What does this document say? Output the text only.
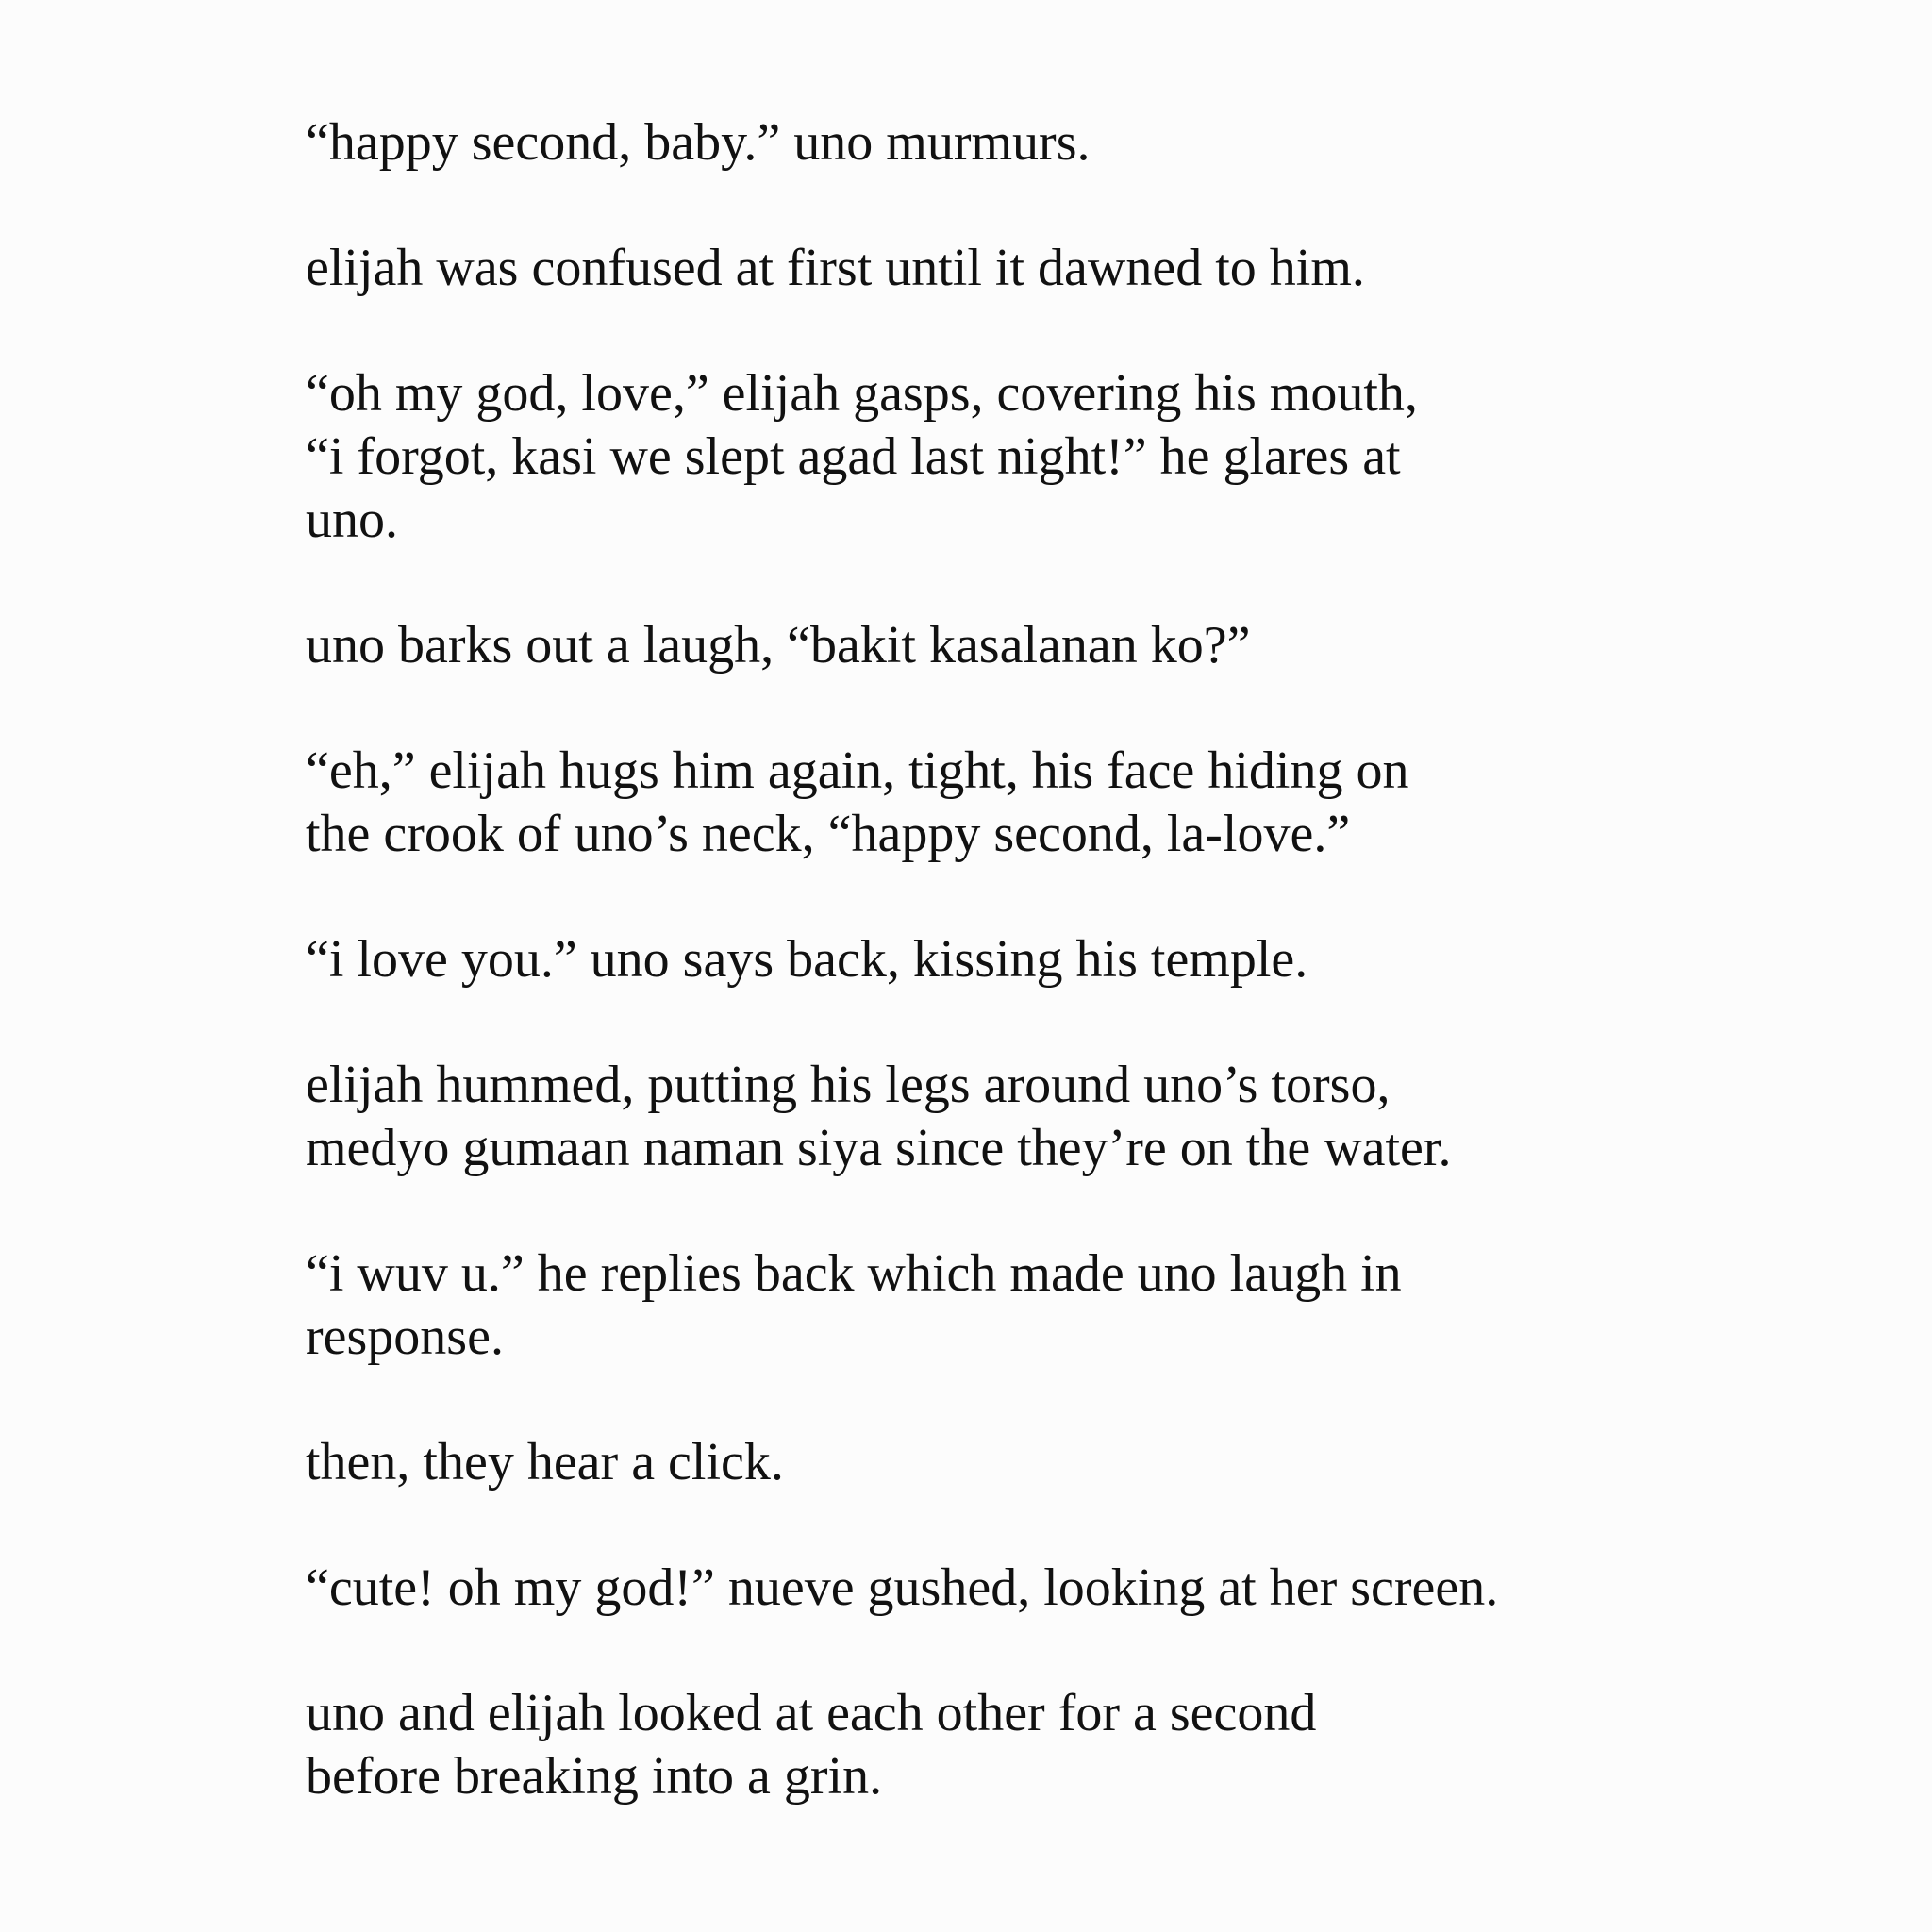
“happy second, baby.” uno murmurs.
elijah was confused at first until it dawned to him.
“oh my god, love,” elijah gasps, covering his mouth,
“i forgot, kasi we slept agad last night!” he glares at
uno.
uno barks out a laugh, “bakit kasalanan ko?”
“eh,” elijah hugs him again, tight, his face hiding on
the crook of uno’s neck, “happy second, la-love.”
“i love you.” uno says back, kissing his temple.
elijah hummed, putting his legs around uno’s torso,
medyo gumaan naman siya since they’re on the water.
“i wuv u.” he replies back which made uno laugh in
response.
then, they hear a click.
“cute! oh my god!” nueve gushed, looking at her screen.
uno and elijah looked at each other for a second
before breaking into a grin.
